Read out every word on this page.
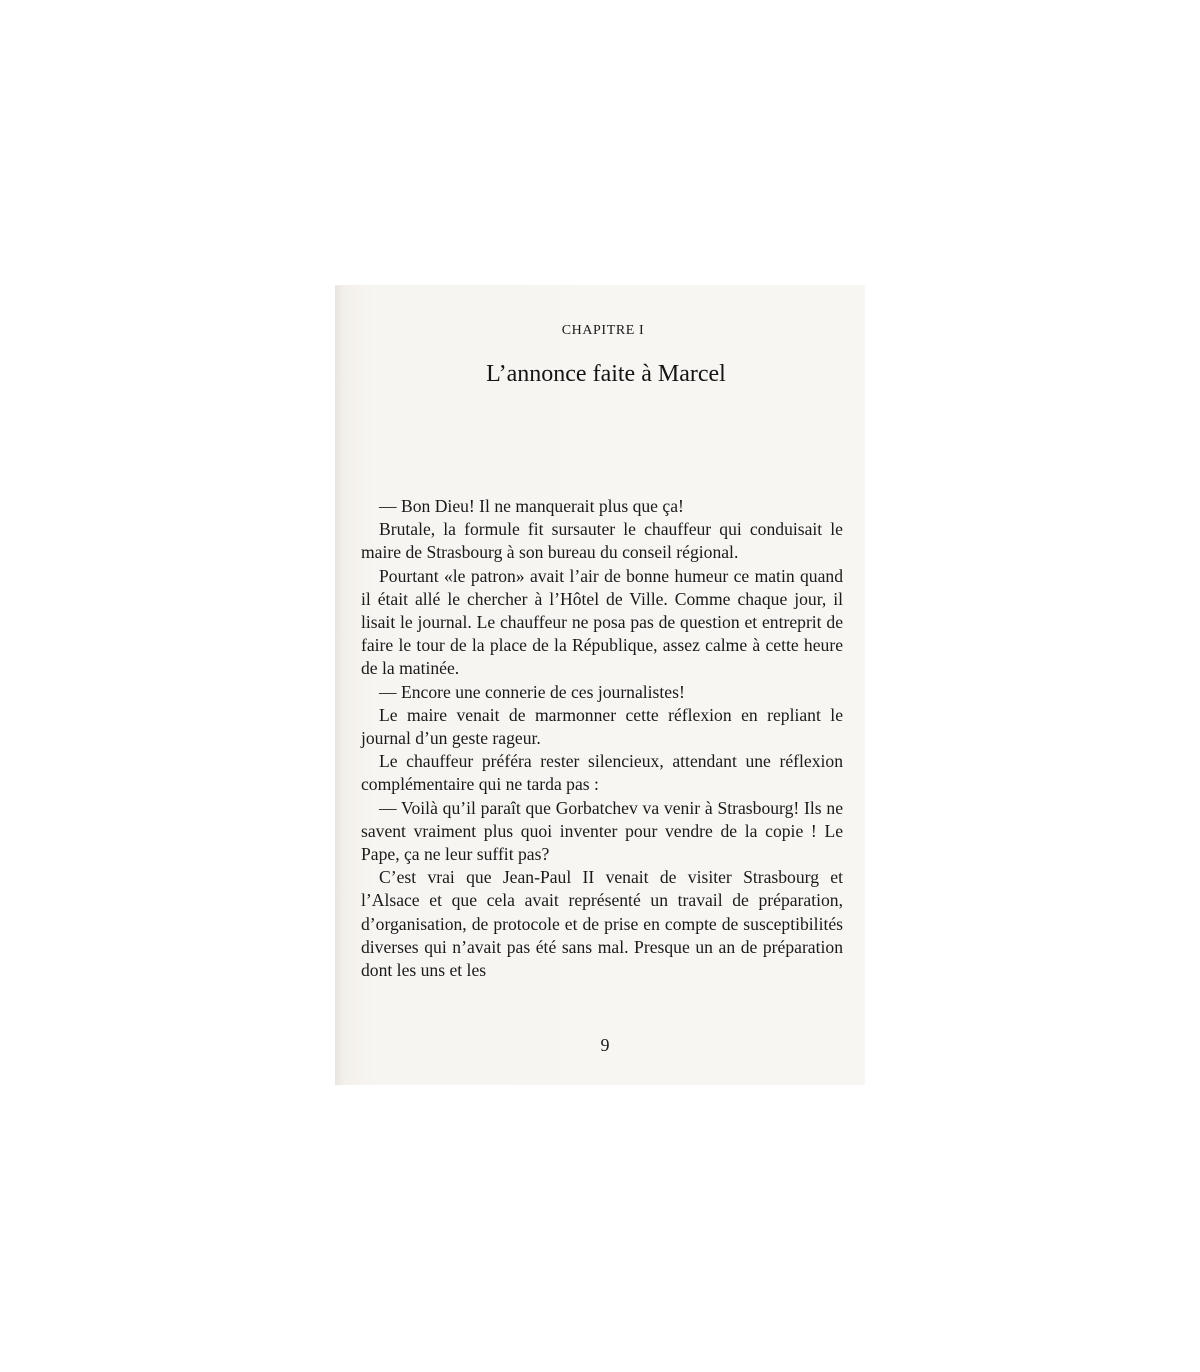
CHAPITRE I
L’annonce faite à Marcel

— Bon Dieu! Il ne manquerait plus que ça!

Brutale, la formule fit sursauter le chauffeur qui conduisait le maire de Strasbourg à son bureau du conseil régional.

Pourtant «le patron» avait l’air de bonne humeur ce matin quand il était allé le chercher à l’Hôtel de Ville. Comme chaque jour, il lisait le journal. Le chauffeur ne posa pas de question et entreprit de faire le tour de la place de la République, assez calme à cette heure de la matinée.

— Encore une connerie de ces journalistes!

Le maire venait de marmonner cette réflexion en repliant le journal d’un geste rageur.

Le chauffeur préféra rester silencieux, attendant une réflexion complémentaire qui ne tarda pas :

— Voilà qu’il paraît que Gorbatchev va venir à Strasbourg! Ils ne savent vraiment plus quoi inventer pour vendre de la copie ! Le Pape, ça ne leur suffit pas?

C’est vrai que Jean-Paul II venait de visiter Strasbourg et l’Alsace et que cela avait représenté un travail de préparation, d’organisation, de protocole et de prise en compte de susceptibilités diverses qui n’avait pas été sans mal. Presque un an de préparation dont les uns et les

9
